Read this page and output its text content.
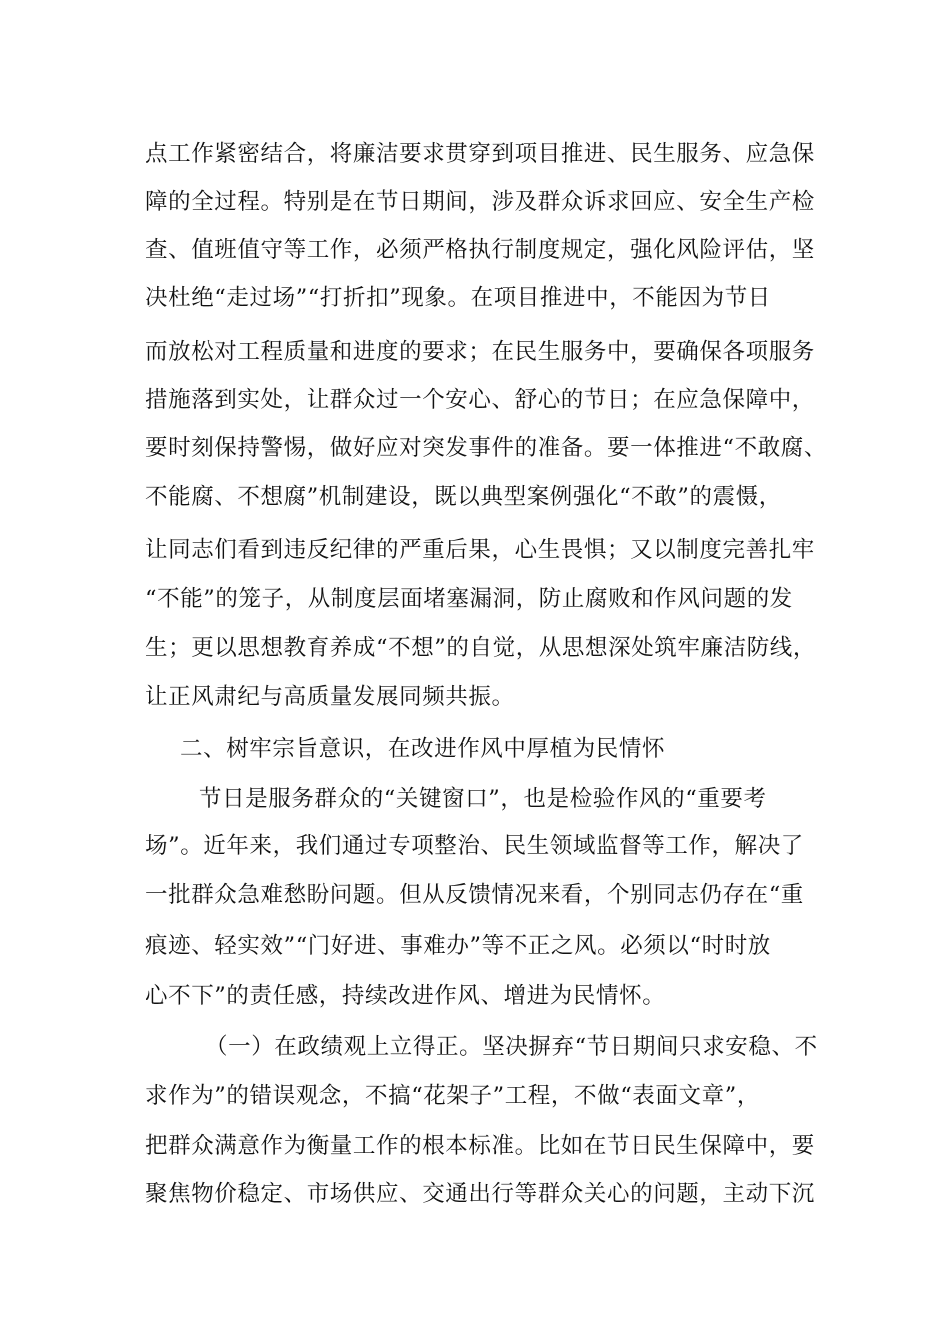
点工作紧密结合，将廉洁要求贯穿到项目推进、民生服务、应急保
障的全过程。特别是在节日期间，涉及群众诉求回应、安全生产检
查、值班值守等工作，必须严格执行制度规定，强化风险评估，坚
决杜绝“走过场”“打折扣”现象。在项目推进中，不能因为节日
而放松对工程质量和进度的要求；在民生服务中，要确保各项服务
措施落到实处，让群众过一个安心、舒心的节日；在应急保障中，
要时刻保持警惕，做好应对突发事件的准备。要一体推进“不敢腐、
不能腐、不想腐”机制建设，既以典型案例强化“不敢”的震慑，
让同志们看到违反纪律的严重后果，心生畏惧；又以制度完善扎牢
“不能”的笼子，从制度层面堵塞漏洞，防止腐败和作风问题的发
生；更以思想教育养成“不想”的自觉，从思想深处筑牢廉洁防线，
让正风肃纪与高质量发展同频共振。
二、树牢宗旨意识，在改进作风中厚植为民情怀
节日是服务群众的“关键窗口”，也是检验作风的“重要考
场”。近年来，我们通过专项整治、民生领域监督等工作，解决了
一批群众急难愁盼问题。但从反馈情况来看，个别同志仍存在“重
痕迹、轻实效”“门好进、事难办”等不正之风。必须以“时时放
心不下”的责任感，持续改进作风、增进为民情怀。
（一）在政绩观上立得正。坚决摒弃“节日期间只求安稳、不
求作为”的错误观念，不搞“花架子”工程，不做“表面文章”，
把群众满意作为衡量工作的根本标准。比如在节日民生保障中，要
聚焦物价稳定、市场供应、交通出行等群众关心的问题，主动下沉
